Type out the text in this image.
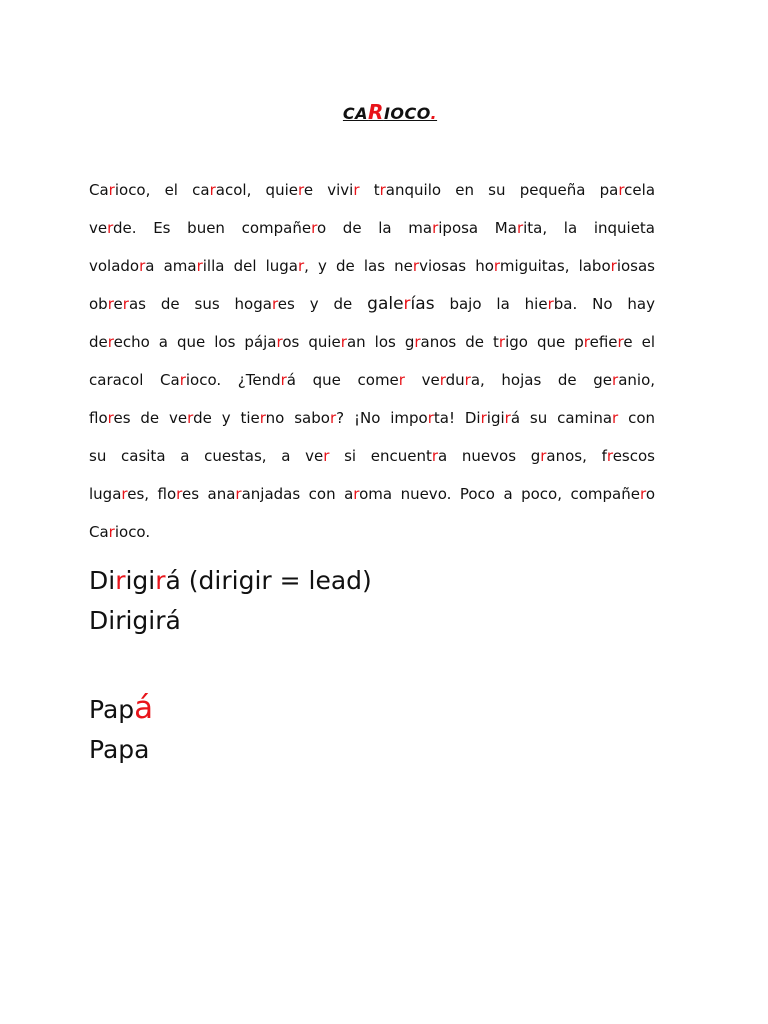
CARIOCO.
Carioco, el caracol, quiere vivir tranquilo en su pequeña parcela
verde. Es buen compañero de la mariposa Marita, la inquieta
voladora amarilla del lugar, y de las nerviosas hormiguitas, laboriosas
obreras de sus hogares y de galerías bajo la hierba. No hay
derecho a que los pájaros quieran los granos de trigo que prefiere el
caracol Carioco. ¿Tendrá que comer verdura, hojas de geranio,
flores de verde y tierno sabor? ¡No importa! Dirigirá su caminar con
su casita a cuestas, a ver si encuentra nuevos granos, frescos
lugares, flores anaranjadas con aroma nuevo. Poco a poco, compañero
Carioco.
Dirigirá (dirigir = lead)
Dirigirá
Papá
Papa
